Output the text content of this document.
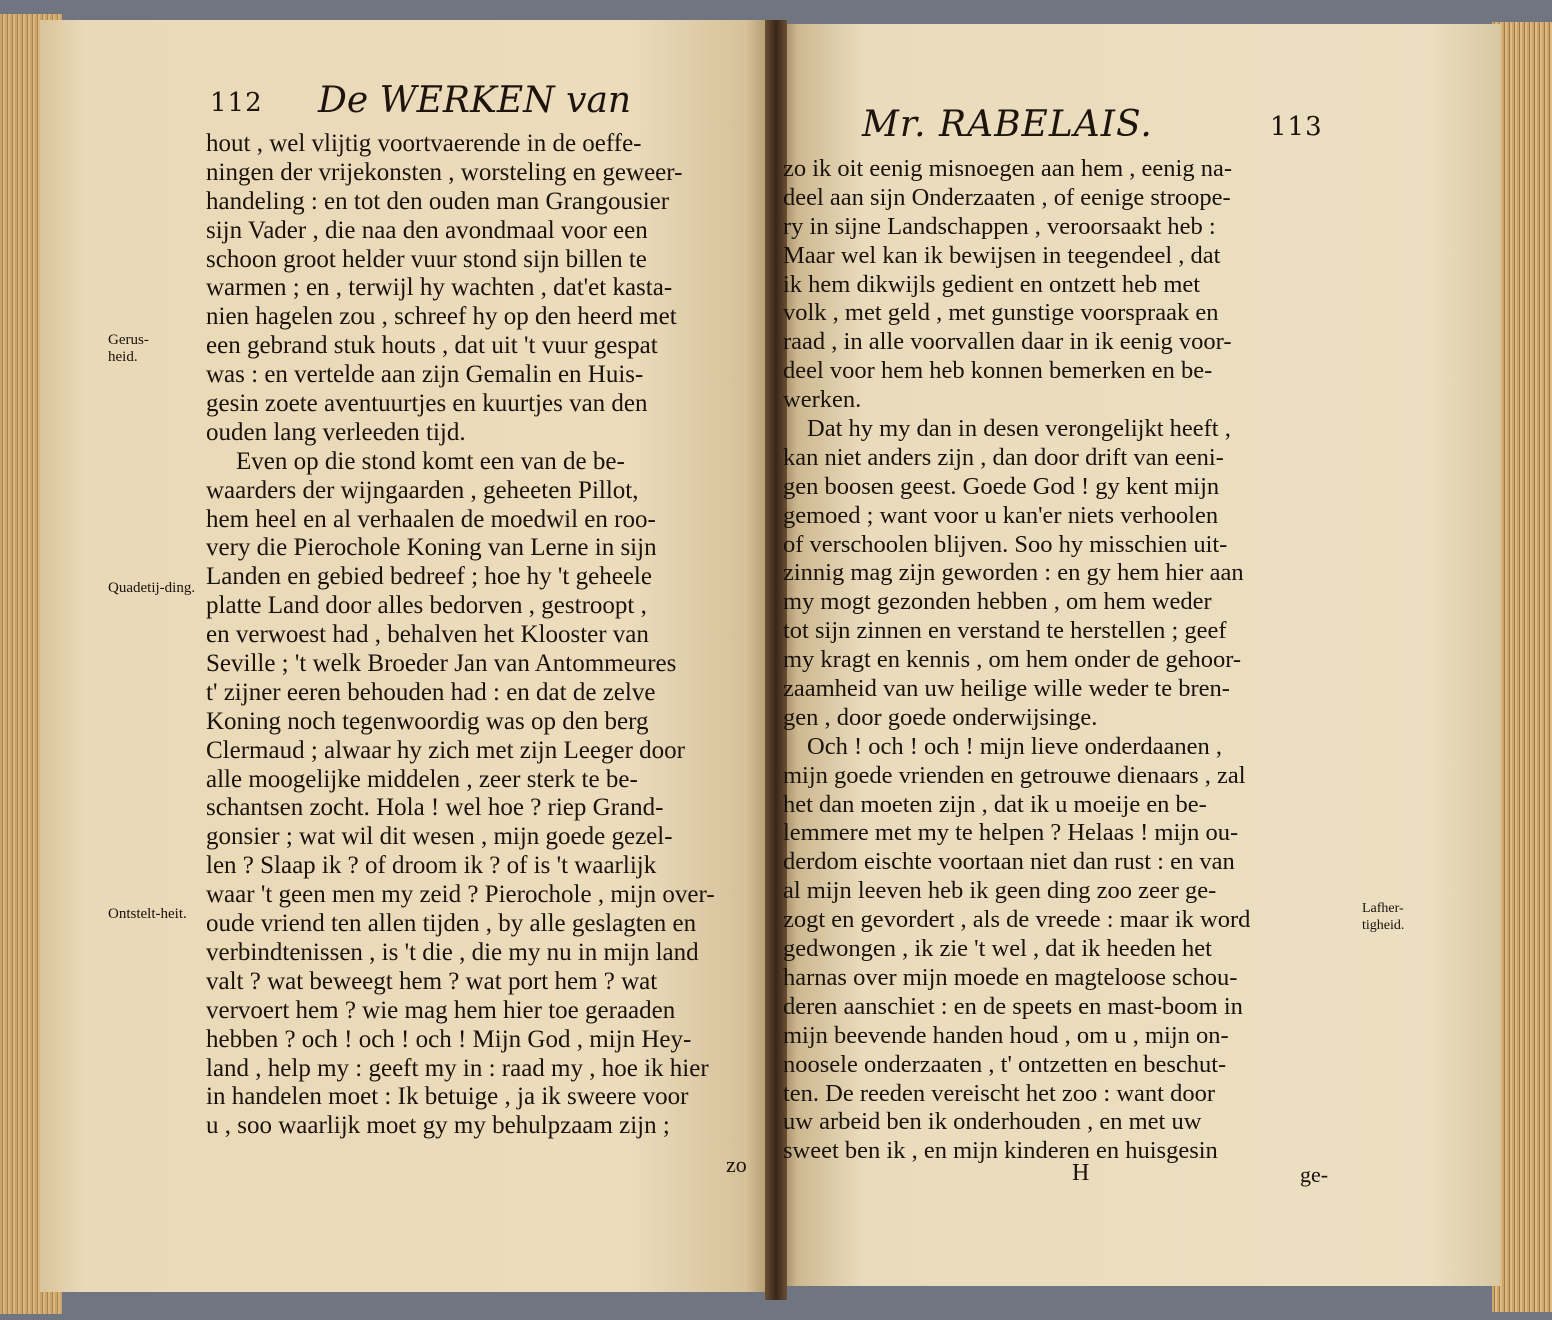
112 De WERKEN van
Mr. RABELAIS.	113
hout , wel vlijtig voortvaerende in de oeffe-
ningen der vrijekonsten , worsteling en geweer-
handeling : en tot den ouden man Grangousier
sijn Vader , die naa den avondmaal voor een
schoon groot helder vuur stond sijn billen te
warmen ; en , terwijl hy wachten , dat'et kasta-
nien hagelen zou , schreef hy op den heerd met
een gebrand stuk houts , dat uit 't vuur gespat
was : en vertelde aan zijn Gemalin en Huis-
gesin zoete aventuurtjes en kuurtjes van den
ouden lang verleeden tijd.
Even op die stond komt een van de be-
waarders der wijngaarden , geheeten Pillot,
hem heel en al verhaalen de moedwil en roo-
very die Pierochole Koning van Lerne in sijn
Landen en gebied bedreef ; hoe hy 't geheele
platte Land door alles bedorven , gestroopt ,
en verwoest had , behalven het Klooster van
Seville ; 't welk Broeder Jan van Antommeures
t' zijner eeren behouden had : en dat de zelve
Koning noch tegenwoordig was op den berg
Clermaud ; alwaar hy zich met zijn Leeger door
alle moogelijke middelen , zeer sterk te be-
schantsen zocht. Hola ! wel hoe ? riep Grand-
gonsier ; wat wil dit wesen , mijn goede gezel-
len ? Slaap ik ? of droom ik ? of is 't waarlijk
waar 't geen men my zeid ? Pierochole , mijn over-
oude vriend ten allen tijden , by alle geslagten en
verbindtenissen , is 't die , die my nu in mijn land
valt ? wat beweegt hem ? wat port hem ? wat
vervoert hem ? wie mag hem hier toe geraaden
hebben ? och ! och ! och ! Mijn God , mijn Hey-
land , help my : geeft my in : raad my , hoe ik hier
in handelen moet : Ik betuige , ja ik sweere voor
u , soo waarlijk moet gy my behulpzaam zijn ;
Gerus-heid.
Quadetij-ding.
Ontstelt-heit.
zo
zo ik oit eenig misnoegen aan hem , eenig na-
deel aan sijn Onderzaaten , of eenige stroope-
ry in sijne Landschappen , veroorsaakt heb :
Maar wel kan ik bewijsen in teegendeel , dat
ik hem dikwijls gedient en ontzett heb met
volk , met geld , met gunstige voorspraak en
raad , in alle voorvallen daar in ik eenig voor-
deel voor hem heb konnen bemerken en be-
werken.
Dat hy my dan in desen verongelijkt heeft ,
kan niet anders zijn , dan door drift van eeni-
gen boosen geest. Goede God ! gy kent mijn
gemoed ; want voor u kan'er niets verhoolen
of verschoolen blijven. Soo hy misschien uit-
zinnig mag zijn geworden : en gy hem hier aan
my mogt gezonden hebben , om hem weder
tot sijn zinnen en verstand te herstellen ; geef
my kragt en kennis , om hem onder de gehoor-
zaamheid van uw heilige wille weder te bren-
gen , door goede onderwijsinge.
Och ! och ! och ! mijn lieve onderdaanen ,
mijn goede vrienden en getrouwe dienaars , zal
het dan moeten zijn , dat ik u moeije en be-
lemmere met my te helpen ? Helaas ! mijn ou-
derdom eischte voortaan niet dan rust : en van
al mijn leeven heb ik geen ding zoo zeer ge-
zogt en gevordert , als de vreede : maar ik word
gedwongen , ik zie 't wel , dat ik heeden het
harnas over mijn moede en magteloose schou-
deren aanschiet : en de speets en mast-boom in
mijn beevende handen houd , om u , mijn on-
noosele onderzaaten , t' ontzetten en beschut-
ten. De reeden vereischt het zoo : want door
uw arbeid ben ik onderhouden , en met uw
sweet ben ik , en mijn kinderen en huisgesin
Lafher-tigheid.
H	ge-
